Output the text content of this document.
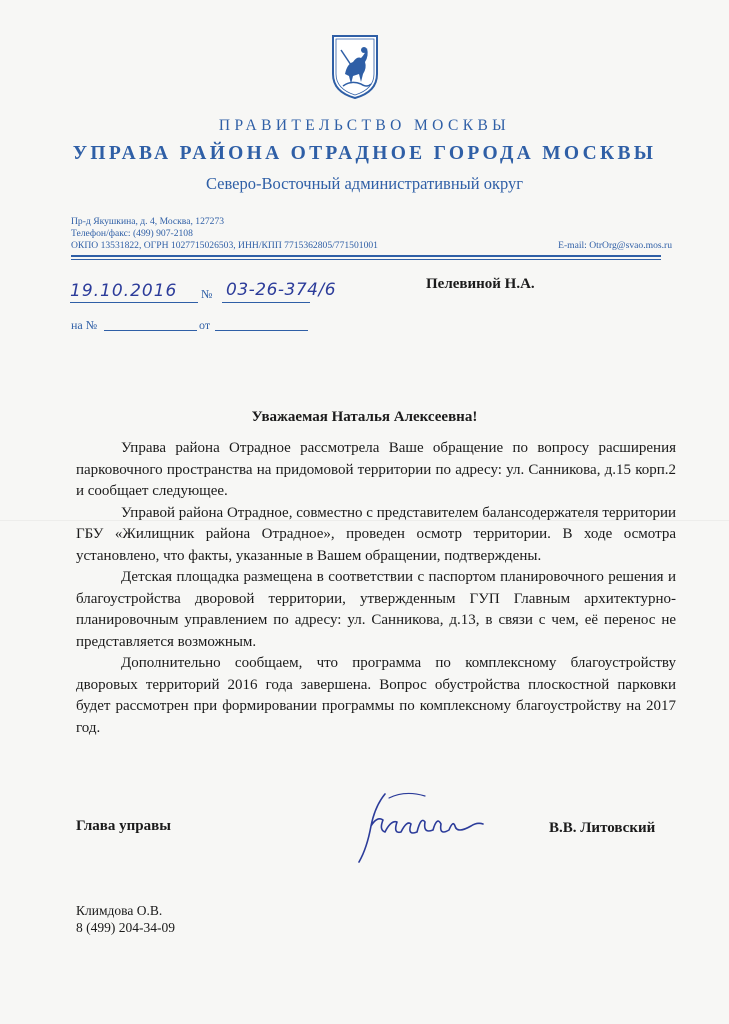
ПРАВИТЕЛЬСТВО МОСКВЫ
УПРАВА РАЙОНА ОТРАДНОЕ ГОРОДА МОСКВЫ
Северо-Восточный административный округ
Пр-д Якушкина, д. 4, Москва, 127273
Телефон/факс: (499) 907-2108
ОКПО 13531822, ОГРН 1027715026503, ИНН/КПП 7715362805/771501001	E-mail: OtrOrg@svao.mos.ru
19.10.2016 № 03-26-374/6
на №	от
Пелевиной Н.А.
Уважаемая Наталья Алексеевна!

Управа района Отрадное рассмотрела Ваше обращение по вопросу расширения парковочного пространства на придомовой территории по адресу: ул. Санникова, д.15 корп.2 и сообщает следующее.

Управой района Отрадное, совместно с представителем балансодержателя территории ГБУ «Жилищник района Отрадное», проведен осмотр территории. В ходе осмотра установлено, что факты, указанные в Вашем обращении, подтверждены.

Детская площадка размещена в соответствии с паспортом планировочного решения и благоустройства дворовой территории, утвержденным ГУП Главным архитектурно-планировочным управлением по адресу: ул. Санникова, д.13, в связи с чем, её перенос не представляется возможным.

Дополнительно сообщаем, что программа по комплексному благоустройству дворовых территорий 2016 года завершена. Вопрос обустройства плоскостной парковки будет рассмотрен при формировании программы по комплексному благоустройству на 2017 год.

Глава управы	В.В. Литовский
Климдова О.В.
8 (499) 204-34-09
